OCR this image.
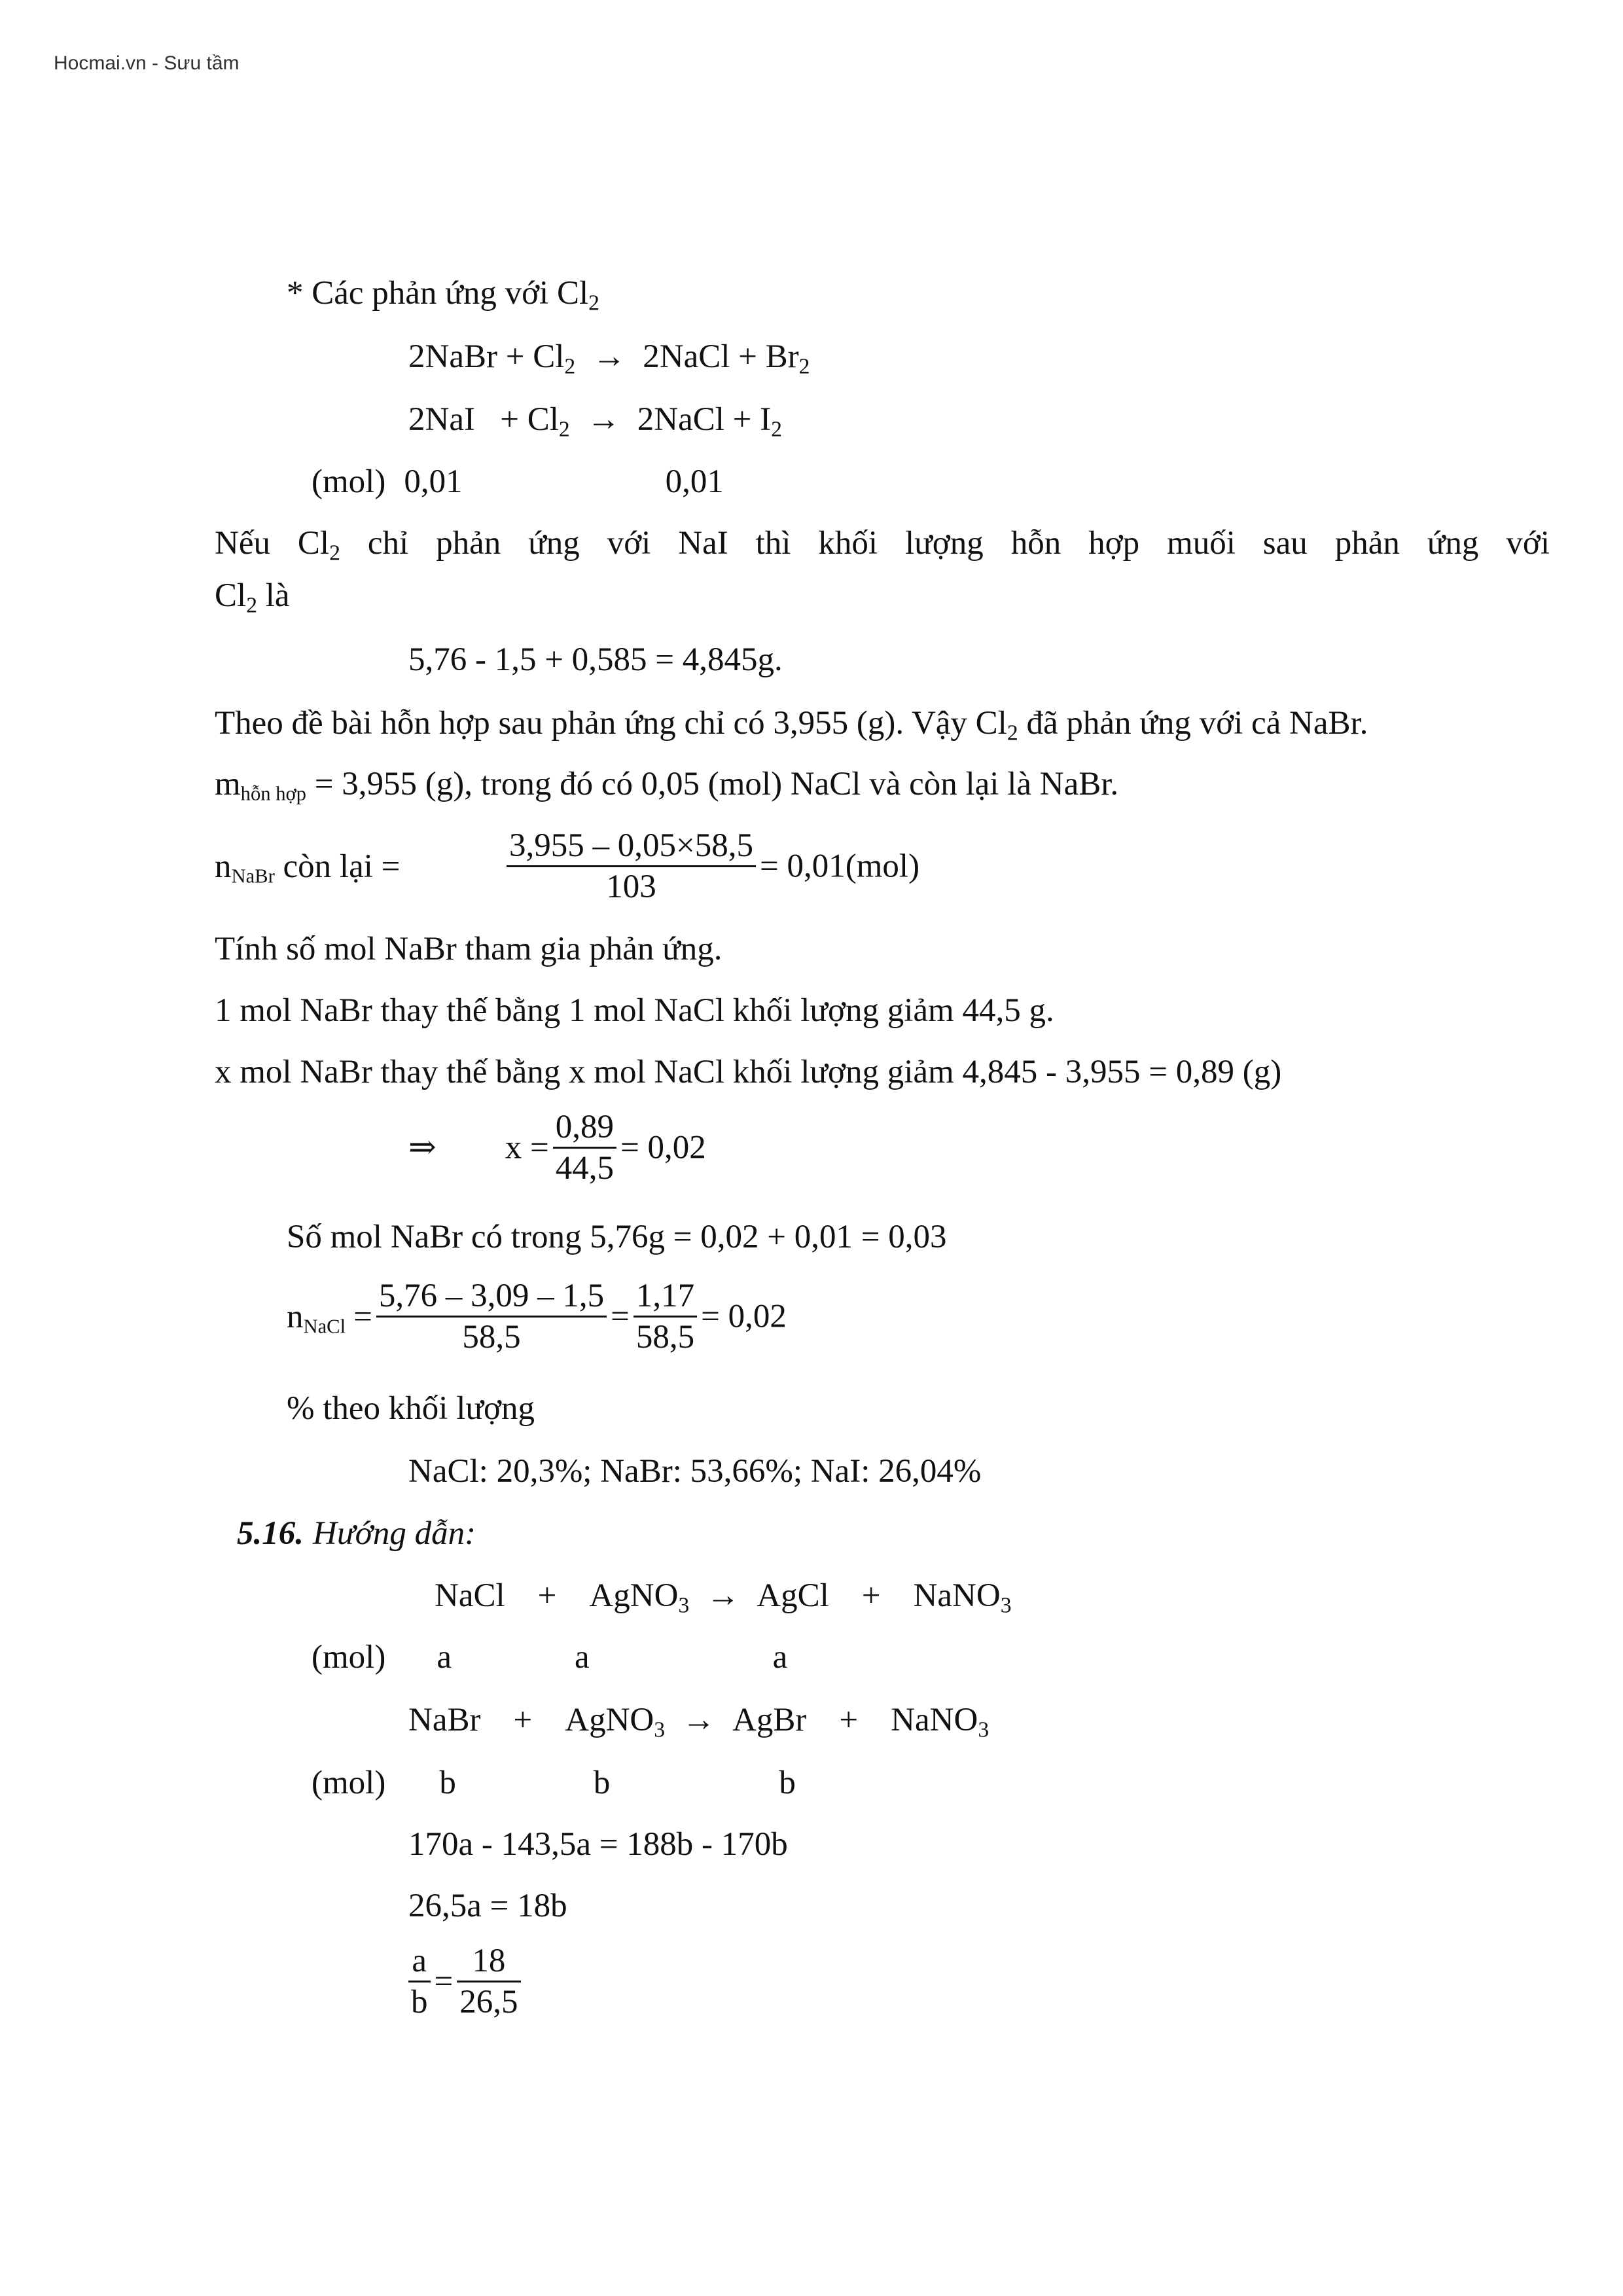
Hocmai.vn - Sưu tầm
* Các phản ứng với $Cl_2$
2NaBr + $Cl_2$ → 2NaCl + $Br_2$
$2NaI + Cl_2$ → 2NaCl + $I_2$
(mol) 0,01	0,01
Nếu $Cl_2$ chỉ phản ứng với NaI thì khối lượng hỗn hợp muối sau phản ứng với
$Cl_2$ là
5,76 - 1,5 + 0,585 = 4,845g.
Theo đề bài hỗn hợp sau phản ứng chỉ có 3,955 (g). Vậy $Cl_2$ đã phản ứng với cả NaBr.
$m_{hỗn hợp} = 3,955$ (g), trong đó có 0,05 (mol) NaCl và còn lại là NaBr.
$n_{NaBr}$ còn lại =	$\frac{3,955 - 0,05\times 58,5}{103} = 0,01(mol)$
Tính số mol NaBr tham gia phản ứng.
1 mol NaBr thay thế bằng 1 mol NaCl khối lượng giảm 44,5 g.
x mol NaBr thay thế bằng x mol NaCl khối lượng giảm 4,845 - 3,955 = 0,89 (g)
⇒ $x = \frac{0,89}{44,5} = 0,02$
Số mol NaBr có trong 5,76g = 0,02 + 0,01 = 0,03
$n_{NaCl} = \frac{5,76 - 3,09 - 1,5}{58,5} = \frac{1,17}{58,5} = 0,02$
% theo khối lượng
NaCl: 20,3%; NaBr: 53,66%; NaI: 26,04%
5.16. Hướng dẫn:
NaCl + AgNO$_3$ → AgCl + NaNO$_3$
(mol) a	a	a
NaBr + AgNO$_3$ → AgBr + NaNO$_3$
(mol) b	b	b
170a - 143,5a = 188b - 170b
26,5a = 18b
$\frac{a}{b} = \frac{18}{26,5}$
